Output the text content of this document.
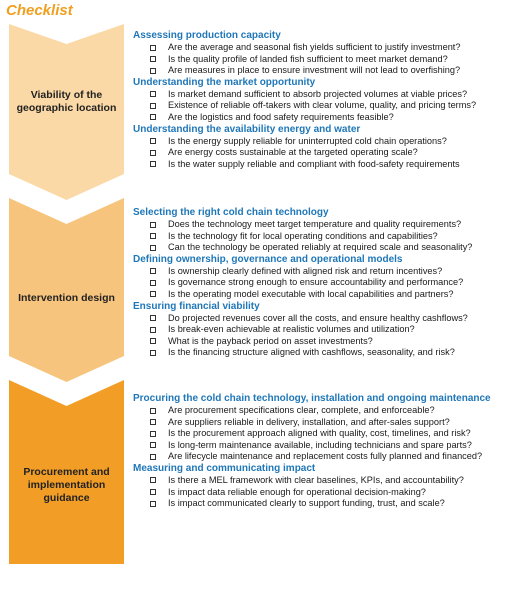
Checklist
Viability of the geographic location
Intervention design
Procurement and implementation guidance
Assessing production capacity
Are the average and seasonal fish yields sufficient to justify investment?
Is the quality profile of landed fish sufficient to meet market demand?
Are measures in place to ensure investment will not lead to overfishing?
Understanding the market opportunity
Is market demand sufficient to absorb projected volumes at viable prices?
Existence of reliable off-takers with clear volume, quality, and pricing terms?
Are the logistics and food safety requirements feasible?
Understanding the availability energy and water
Is the energy supply reliable for uninterrupted cold chain operations?
Are energy costs sustainable at the targeted operating scale?
Is the water supply reliable and compliant with food-safety requirements
Selecting the right cold chain technology
Does the technology meet target temperature and quality requirements?
Is the technology fit for local operating conditions and capabilities?
Can the technology be operated reliably at required scale and seasonality?
Defining ownership, governance and operational models
Is ownership clearly defined with aligned risk and return incentives?
Is governance strong enough to ensure accountability and performance?
Is the operating model executable with local capabilities and partners?
Ensuring financial viability
Do projected revenues cover all the costs, and ensure healthy cashflows?
Is break-even achievable at realistic volumes and utilization?
What is the payback period on asset investments?
Is the financing structure aligned with cashflows, seasonality, and risk?
Procuring the cold chain technology, installation and ongoing maintenance
Are procurement specifications clear, complete, and enforceable?
Are suppliers reliable in delivery, installation, and after-sales support?
Is the procurement approach aligned with quality, cost, timelines, and risk?
Is long-term maintenance available, including technicians and spare parts?
Are lifecycle maintenance and replacement costs fully planned and financed?
Measuring and communicating impact
Is there a MEL framework with clear baselines, KPIs, and accountability?
Is impact data reliable enough for operational decision-making?
Is impact communicated clearly to support funding, trust, and scale?
